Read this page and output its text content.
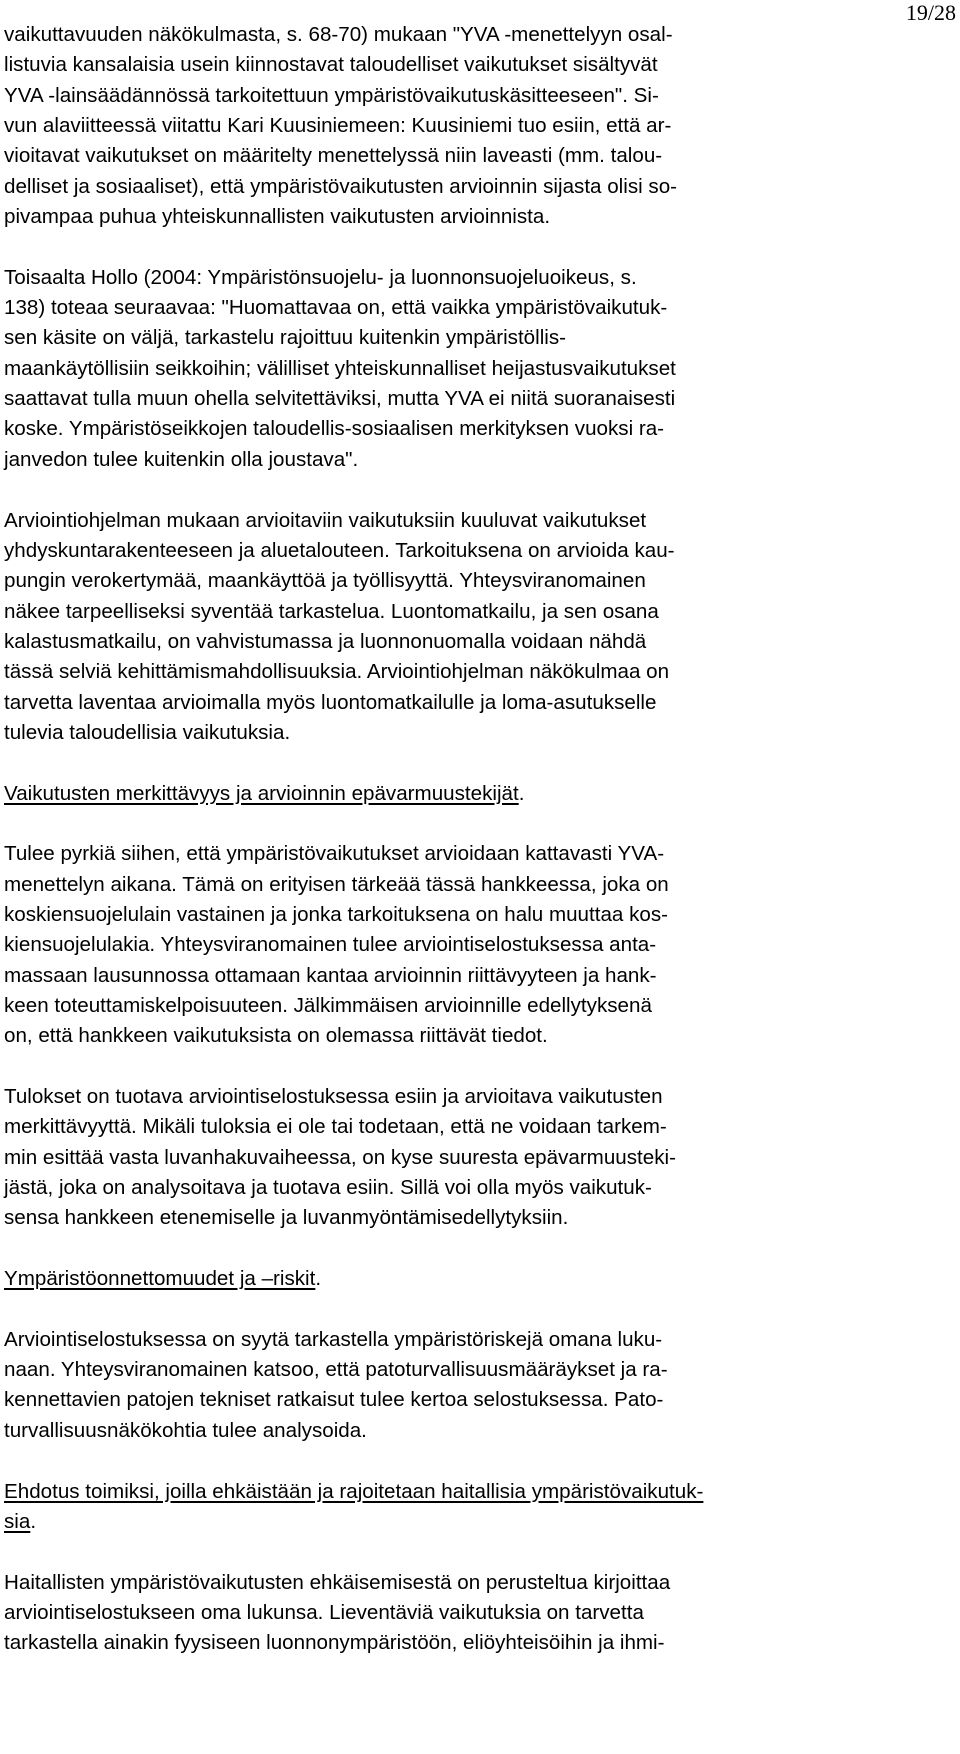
19/28

vaikuttavuuden näkökulmasta, s. 68-70) mukaan "YVA -menettelyyn osal-
listuvia kansalaisia usein kiinnostavat taloudelliset vaikutukset sisältyvät
YVA -lainsäädännössä tarkoitettuun ympäristövaikutuskäsitteeseen". Si-
vun alaviitteessä viitattu Kari Kuusiniemeen: Kuusiniemi tuo esiin, että ar-
vioitavat vaikutukset on määritelty menettelyssä niin laveasti (mm. talou-
delliset ja sosiaaliset), että ympäristövaikutusten arvioinnin sijasta olisi so-
pivampaa puhua yhteiskunnallisten vaikutusten arvioinnista.

Toisaalta Hollo (2004: Ympäristönsuojelu- ja luonnonsuojeluoikeus, s.
138) toteaa seuraavaa: "Huomattavaa on, että vaikka ympäristövaikutuk-
sen käsite on väljä, tarkastelu rajoittuu kuitenkin ympäristöllis-
maankäytöllisiin seikkoihin; välilliset yhteiskunnalliset heijastusvaikutukset
saattavat tulla muun ohella selvitettäviksi, mutta YVA ei niitä suoranaisesti
koske. Ympäristöseikkojen taloudellis-sosiaalisen merkityksen vuoksi ra-
janvedon tulee kuitenkin olla joustava".

Arviointiohjelman mukaan arvioitaviin vaikutuksiin kuuluvat vaikutukset
yhdyskuntarakenteeseen ja aluetalouteen. Tarkoituksena on arvioida kau-
pungin verokertymää, maankäyttöä ja työllisyyttä. Yhteysviranomainen
näkee tarpeelliseksi syventää tarkastelua. Luontomatkailu, ja sen osana
kalastusmatkailu, on vahvistumassa ja luonnonuomalla voidaan nähdä
tässä selviä kehittämismahdollisuuksia. Arviointiohjelman näkökulmaa on
tarvetta laventaa arvioimalla myös luontomatkailulle ja loma-asutukselle
tulevia taloudellisia vaikutuksia.

Vaikutusten merkittävyys ja arvioinnin epävarmuustekijät.

Tulee pyrkiä siihen, että ympäristövaikutukset arvioidaan kattavasti YVA-
menettelyn aikana. Tämä on erityisen tärkeää tässä hankkeessa, joka on
koskiensuojelulain vastainen ja jonka tarkoituksena on halu muuttaa kos-
kiensuojelulakia. Yhteysviranomainen tulee arviointiselostuksessa anta-
massaan lausunnossa ottamaan kantaa arvioinnin riittävyyteen ja hank-
keen toteuttamiskelpoisuuteen. Jälkimmäisen arvioinnille edellytyksenä
on, että hankkeen vaikutuksista on olemassa riittävät tiedot.

Tulokset on tuotava arviointiselostuksessa esiin ja arvioitava vaikutusten
merkittävyyttä. Mikäli tuloksia ei ole tai todetaan, että ne voidaan tarkem-
min esittää vasta luvanhakuvaiheessa, on kyse suuresta epävarmuusteki-
jästä, joka on analysoitava ja tuotava esiin. Sillä voi olla myös vaikutuk-
sensa hankkeen etenemiselle ja luvanmyöntämisedellytyksiin.

Ympäristöonnettomuudet ja –riskit.

Arviointiselostuksessa on syytä tarkastella ympäristöriskejä omana luku-
naan. Yhteysviranomainen katsoo, että patoturvallisuusmääräykset ja ra-
kennettavien patojen tekniset ratkaisut tulee kertoa selostuksessa. Pato-
turvallisuusnäkökohtia tulee analysoida.

Ehdotus toimiksi, joilla ehkäistään ja rajoitetaan haitallisia ympäristövaikutuk-
sia.

Haitallisten ympäristövaikutusten ehkäisemisestä on perusteltua kirjoittaa
arviointiselostukseen oma lukunsa. Lieventäviä vaikutuksia on tarvetta
tarkastella ainakin fyysiseen luonnonympäristöön, eliöyhteisöihin ja ihmi-
